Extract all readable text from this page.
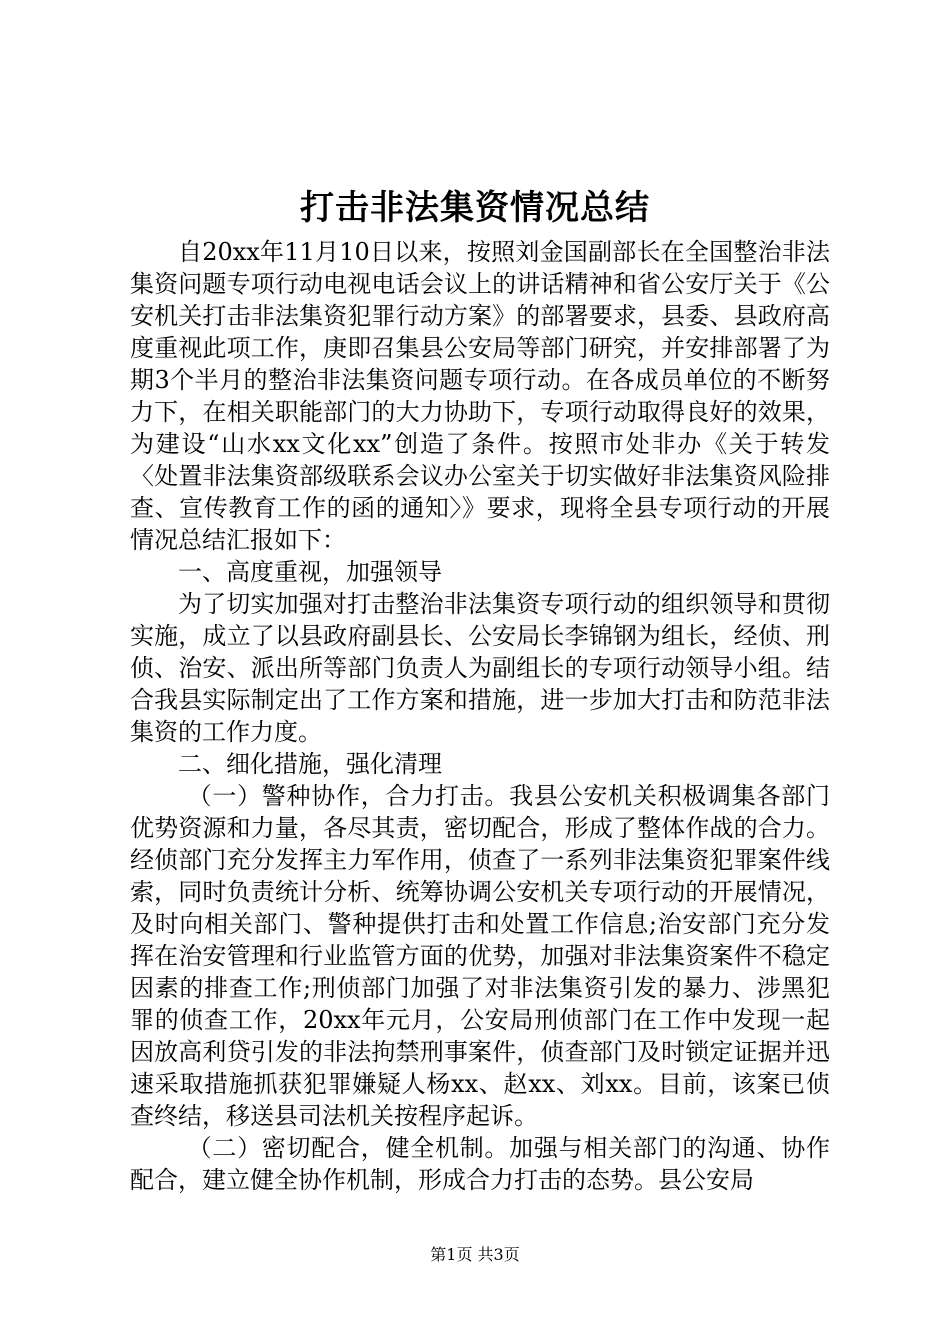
打击非法集资情况总结

自20xx年11月10日以来，按照刘金国副部长在全国整治非法集资问题专项行动电视电话会议上的讲话精神和省公安厅关于《公安机关打击非法集资犯罪行动方案》的部署要求，县委、县政府高度重视此项工作，庚即召集县公安局等部门研究，并安排部署了为期3个半月的整治非法集资问题专项行动。在各成员单位的不断努力下，在相关职能部门的大力协助下，专项行动取得良好的效果，为建设“山水xx文化xx”创造了条件。按照市处非办《关于转发〈处置非法集资部级联系会议办公室关于切实做好非法集资风险排查、宣传教育工作的函的通知〉》要求，现将全县专项行动的开展情况总结汇报如下：

一、高度重视，加强领导

为了切实加强对打击整治非法集资专项行动的组织领导和贯彻实施，成立了以县政府副县长、公安局长李锦钢为组长，经侦、刑侦、治安、派出所等部门负责人为副组长的专项行动领导小组。结合我县实际制定出了工作方案和措施，进一步加大打击和防范非法集资的工作力度。

二、细化措施，强化清理

（一）警种协作，合力打击。我县公安机关积极调集各部门优势资源和力量，各尽其责，密切配合，形成了整体作战的合力。经侦部门充分发挥主力军作用，侦查了一系列非法集资犯罪案件线索，同时负责统计分析、统筹协调公安机关专项行动的开展情况，及时向相关部门、警种提供打击和处置工作信息;治安部门充分发挥在治安管理和行业监管方面的优势，加强对非法集资案件不稳定因素的排查工作;刑侦部门加强了对非法集资引发的暴力、涉黑犯罪的侦查工作，20xx年元月，公安局刑侦部门在工作中发现一起因放高利贷引发的非法拘禁刑事案件，侦查部门及时锁定证据并迅速采取措施抓获犯罪嫌疑人杨xx、赵xx、刘xx。目前，该案已侦查终结，移送县司法机关按程序起诉。

（二）密切配合，健全机制。加强与相关部门的沟通、协作配合，建立健全协作机制，形成合力打击的态势。县公安局

第1页 共3页
